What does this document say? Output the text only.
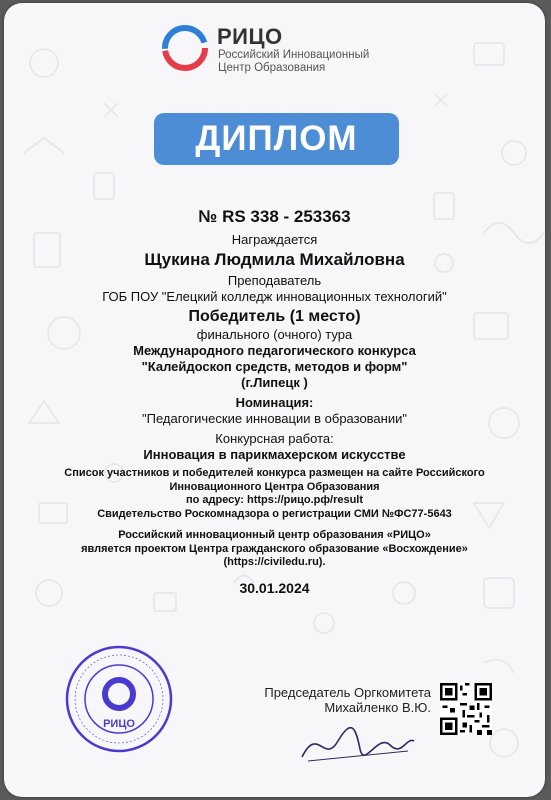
РИЦО
Российский Инновационный
Центр Образования
ДИПЛОМ
№ RS 338 - 253363
Награждается
Щукина Людмила Михайловна
Преподаватель
ГОБ ПОУ "Елецкий колледж инновационных технологий"
Победитель (1 место)
финального (очного) тура
Международного педагогического конкурса
"Калейдоскоп средств, методов и форм"
(г.Липецк )
Номинация:
"Педагогические инновации в образовании"
Конкурсная работа:
Инновация в парикмахерском искусстве
Список участников и победителей конкурса размещен на сайте Российского
Инновационного Центра Образования
по адресу: https://рицо.рф/result
Свидетельство Роскомнадзора о регистрации СМИ №ФС77-5643
Российский инновационный центр образования «РИЦО»
является проектом Центра гражданского образование «Восхождение»
(https://civiledu.ru).
30.01.2024
РИЦО
Председатель Оргкомитета
Михайленко В.Ю.
